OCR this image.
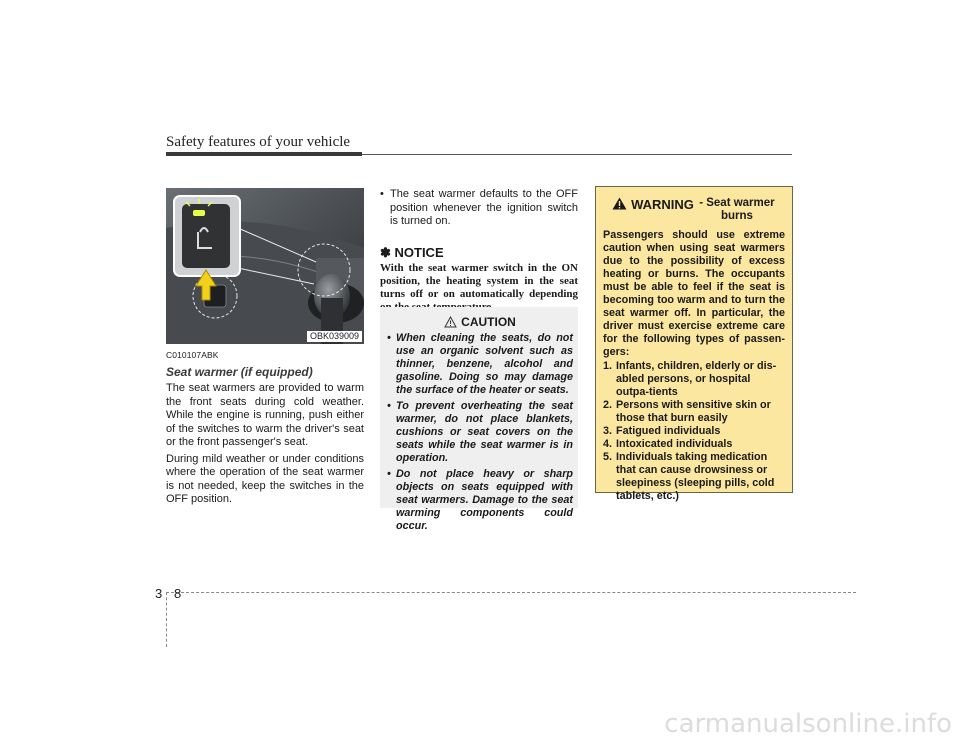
Safety features of your vehicle
OBK039009
C010107ABK
Seat warmer (if equipped)

The seat warmers are provided to warm the front seats during cold weather. While the engine is running, push either of the switches to warm the driver's seat or the front passenger's seat.

During mild weather or under conditions where the operation of the seat warmer is not needed, keep the switches in the OFF position.

• The seat warmer defaults to the OFF position whenever the ignition switch is turned on.
✽ NOTICE
With the seat warmer switch in the ON position, the heating system in the seat turns off or on automatically depending
CAUTION
• When cleaning the seats, do not use an organic solvent such as thinner, benzene, alcohol and gasoline. Doing so may damage the surface of the heater or seats.
• To prevent overheating the seat warmer, do not place blankets, cushions or seat covers on the seats while the seat warmer is in operation.
• Do not place heavy or sharp objects on seats equipped with seat warmers. Damage to the seat warming components could occur.
WARNING - Seat warmer burns
Passengers should use extreme caution when using seat warmers due to the possibility of excess heating or burns. The occupants must be able to feel if the seat is becoming too warm and to turn the seat warmer off. In particular, the driver must exercise extreme care for the following types of passen-gers:
1. Infants, children, elderly or dis-abled persons, or hospital outpa-tients
2. Persons with sensitive skin or those that burn easily
3. Fatigued individuals
4. Intoxicated individuals
5. Individuals taking medication that can cause drowsiness or sleepiness (sleeping pills, cold tablets, etc.)
3 8
carmanualsonline.info
